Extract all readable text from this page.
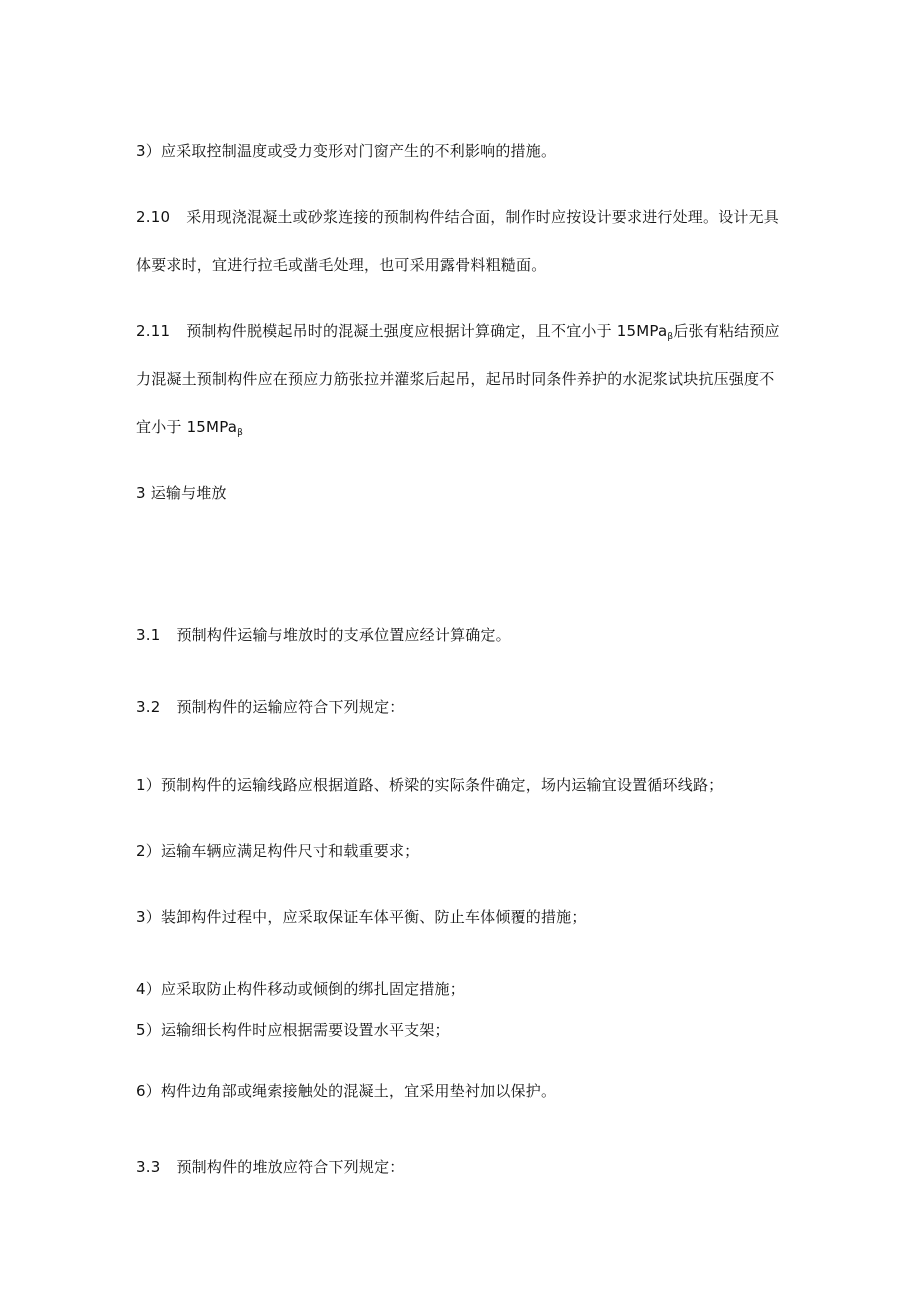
3）应采取控制温度或受力变形对门窗产生的不利影响的措施。
2.10 采用现浇混凝土或砂浆连接的预制构件结合面，制作时应按设计要求进行处理。设计无具
体要求时，宜进行拉毛或凿毛处理，也可采用露骨料粗糙面。
2.11 预制构件脱模起吊时的混凝土强度应根据计算确定，且不宜小于 15MPa$_\beta$后张有粘结预应
力混凝土预制构件应在预应力筋张拉并灌浆后起吊，起吊时同条件养护的水泥浆试块抗压强度不
宜小于 15MPa$_\beta$
3 运输与堆放
3.1 预制构件运输与堆放时的支承位置应经计算确定。
3.2 预制构件的运输应符合下列规定：
1）预制构件的运输线路应根据道路、桥梁的实际条件确定，场内运输宜设置循环线路；
2）运输车辆应满足构件尺寸和载重要求；
3）装卸构件过程中，应采取保证车体平衡、防止车体倾覆的措施；
4）应采取防止构件移动或倾倒的绑扎固定措施；
5）运输细长构件时应根据需要设置水平支架；
6）构件边角部或绳索接触处的混凝土，宜采用垫衬加以保护。
3.3 预制构件的堆放应符合下列规定：
